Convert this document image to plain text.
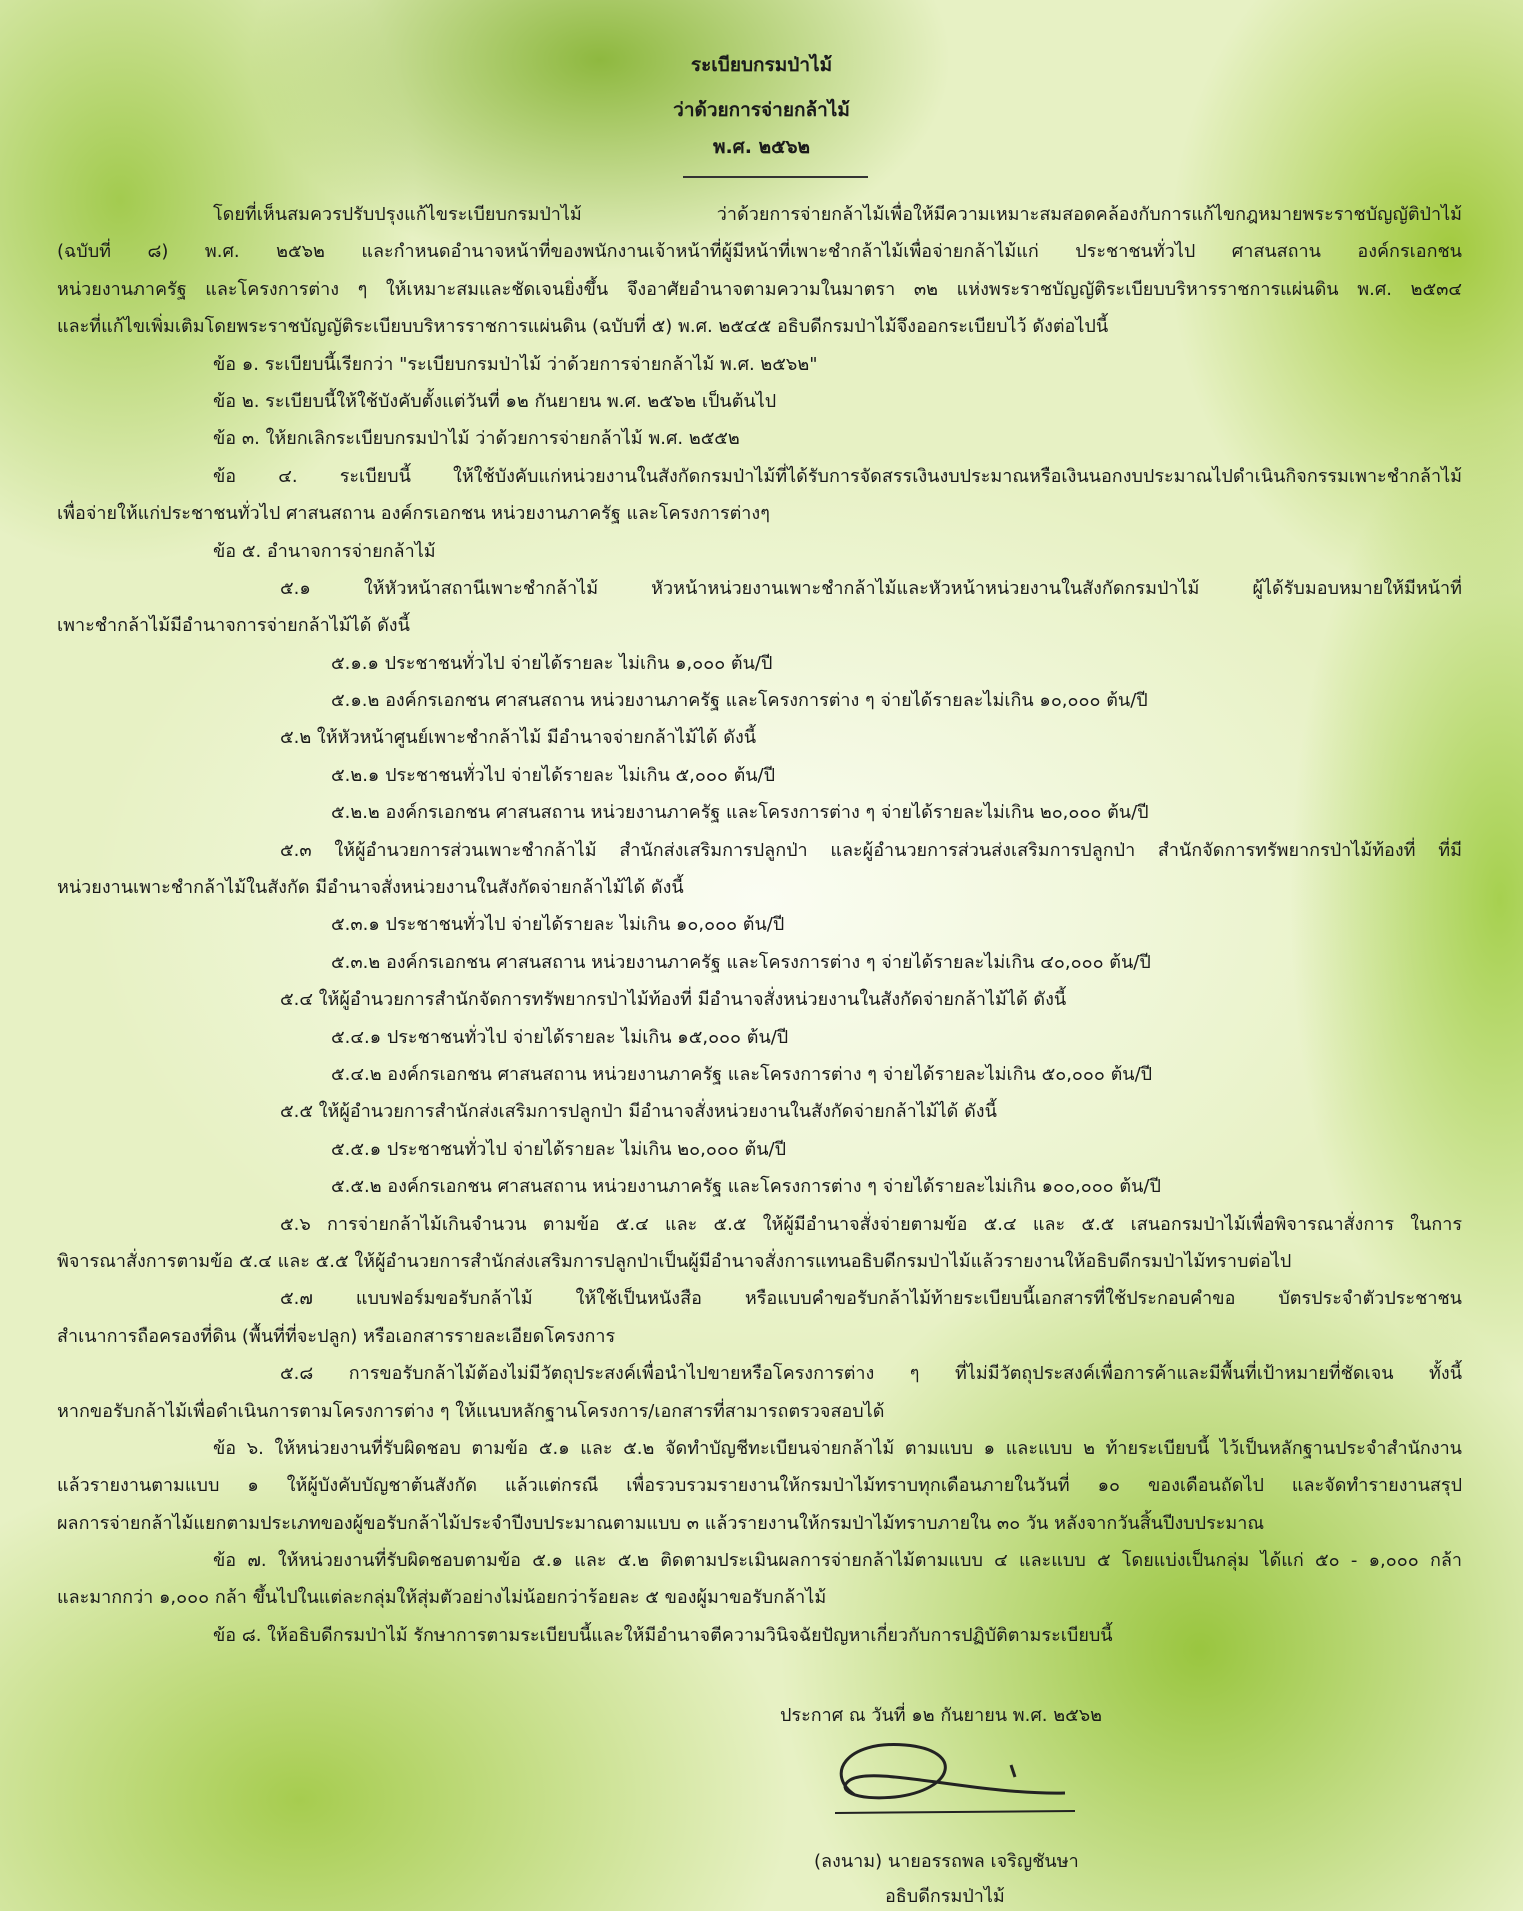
ระเบียบกรมป่าไม้
ว่าด้วยการจ่ายกล้าไม้
พ.ศ. ๒๕๖๒
โดยที่เห็นสมควรปรับปรุงแก้ไขระเบียบกรมป่าไม้ ว่าด้วยการจ่ายกล้าไม้เพื่อให้มีความเหมาะสมสอดคล้องกับการแก้ไขกฎหมายพระราชบัญญัติป่าไม้
(ฉบับที่ ๘) พ.ศ. ๒๕๖๒ และกำหนดอำนาจหน้าที่ของพนักงานเจ้าหน้าที่ผู้มีหน้าที่เพาะชำกล้าไม้เพื่อจ่ายกล้าไม้แก่ ประชาชนทั่วไป ศาสนสถาน องค์กรเอกชน
หน่วยงานภาครัฐ และโครงการต่าง ๆ ให้เหมาะสมและชัดเจนยิ่งขึ้น จึงอาศัยอำนาจตามความในมาตรา ๓๒ แห่งพระราชบัญญัติระเบียบบริหารราชการแผ่นดิน พ.ศ. ๒๕๓๔
และที่แก้ไขเพิ่มเติมโดยพระราชบัญญัติระเบียบบริหารราชการแผ่นดิน (ฉบับที่ ๕) พ.ศ. ๒๕๔๕ อธิบดีกรมป่าไม้จึงออกระเบียบไว้ ดังต่อไปนี้
ข้อ ๑. ระเบียบนี้เรียกว่า "ระเบียบกรมป่าไม้ ว่าด้วยการจ่ายกล้าไม้ พ.ศ. ๒๕๖๒"
ข้อ ๒. ระเบียบนี้ให้ใช้บังคับตั้งแต่วันที่ ๑๒ กันยายน พ.ศ. ๒๕๖๒ เป็นต้นไป
ข้อ ๓. ให้ยกเลิกระเบียบกรมป่าไม้ ว่าด้วยการจ่ายกล้าไม้ พ.ศ. ๒๕๕๒
ข้อ ๔. ระเบียบนี้ ให้ใช้บังคับแก่หน่วยงานในสังกัดกรมป่าไม้ที่ได้รับการจัดสรรเงินงบประมาณหรือเงินนอกงบประมาณไปดำเนินกิจกรรมเพาะชำกล้าไม้
เพื่อจ่ายให้แก่ประชาชนทั่วไป ศาสนสถาน องค์กรเอกชน หน่วยงานภาครัฐ และโครงการต่างๆ
ข้อ ๕. อำนาจการจ่ายกล้าไม้
๕.๑ ให้หัวหน้าสถานีเพาะชำกล้าไม้ หัวหน้าหน่วยงานเพาะชำกล้าไม้และหัวหน้าหน่วยงานในสังกัดกรมป่าไม้ ผู้ได้รับมอบหมายให้มีหน้าที่
เพาะชำกล้าไม้มีอำนาจการจ่ายกล้าไม้ได้ ดังนี้
๕.๑.๑ ประชาชนทั่วไป จ่ายได้รายละ ไม่เกิน ๑,๐๐๐ ต้น/ปี
๕.๑.๒ องค์กรเอกชน ศาสนสถาน หน่วยงานภาครัฐ และโครงการต่าง ๆ จ่ายได้รายละไม่เกิน ๑๐,๐๐๐ ต้น/ปี
๕.๒ ให้หัวหน้าศูนย์เพาะชำกล้าไม้ มีอำนาจจ่ายกล้าไม้ได้ ดังนี้
๕.๒.๑ ประชาชนทั่วไป จ่ายได้รายละ ไม่เกิน ๕,๐๐๐ ต้น/ปี
๕.๒.๒ องค์กรเอกชน ศาสนสถาน หน่วยงานภาครัฐ และโครงการต่าง ๆ จ่ายได้รายละไม่เกิน ๒๐,๐๐๐ ต้น/ปี
๕.๓ ให้ผู้อำนวยการส่วนเพาะชำกล้าไม้ สำนักส่งเสริมการปลูกป่า และผู้อำนวยการส่วนส่งเสริมการปลูกป่า สำนักจัดการทรัพยากรป่าไม้ท้องที่ ที่มี
หน่วยงานเพาะชำกล้าไม้ในสังกัด มีอำนาจสั่งหน่วยงานในสังกัดจ่ายกล้าไม้ได้ ดังนี้
๕.๓.๑ ประชาชนทั่วไป จ่ายได้รายละ ไม่เกิน ๑๐,๐๐๐ ต้น/ปี
๕.๓.๒ องค์กรเอกชน ศาสนสถาน หน่วยงานภาครัฐ และโครงการต่าง ๆ จ่ายได้รายละไม่เกิน ๔๐,๐๐๐ ต้น/ปี
๕.๔ ให้ผู้อำนวยการสำนักจัดการทรัพยากรป่าไม้ท้องที่ มีอำนาจสั่งหน่วยงานในสังกัดจ่ายกล้าไม้ได้ ดังนี้
๕.๔.๑ ประชาชนทั่วไป จ่ายได้รายละ ไม่เกิน ๑๕,๐๐๐ ต้น/ปี
๕.๔.๒ องค์กรเอกชน ศาสนสถาน หน่วยงานภาครัฐ และโครงการต่าง ๆ จ่ายได้รายละไม่เกิน ๕๐,๐๐๐ ต้น/ปี
๕.๕ ให้ผู้อำนวยการสำนักส่งเสริมการปลูกป่า มีอำนาจสั่งหน่วยงานในสังกัดจ่ายกล้าไม้ได้ ดังนี้
๕.๕.๑ ประชาชนทั่วไป จ่ายได้รายละ ไม่เกิน ๒๐,๐๐๐ ต้น/ปี
๕.๕.๒ องค์กรเอกชน ศาสนสถาน หน่วยงานภาครัฐ และโครงการต่าง ๆ จ่ายได้รายละไม่เกิน ๑๐๐,๐๐๐ ต้น/ปี
๕.๖ การจ่ายกล้าไม้เกินจำนวน ตามข้อ ๕.๔ และ ๕.๕ ให้ผู้มีอำนาจสั่งจ่ายตามข้อ ๕.๔ และ ๕.๕ เสนอกรมป่าไม้เพื่อพิจารณาสั่งการ ในการ
พิจารณาสั่งการตามข้อ ๕.๔ และ ๕.๕ ให้ผู้อำนวยการสำนักส่งเสริมการปลูกป่าเป็นผู้มีอำนาจสั่งการแทนอธิบดีกรมป่าไม้แล้วรายงานให้อธิบดีกรมป่าไม้ทราบต่อไป
๕.๗ แบบฟอร์มขอรับกล้าไม้ ให้ใช้เป็นหนังสือ หรือแบบคำขอรับกล้าไม้ท้ายระเบียบนี้เอกสารที่ใช้ประกอบคำขอ บัตรประจำตัวประชาชน
สำเนาการถือครองที่ดิน (พื้นที่ที่จะปลูก) หรือเอกสารรายละเอียดโครงการ
๕.๘ การขอรับกล้าไม้ต้องไม่มีวัตถุประสงค์เพื่อนำไปขายหรือโครงการต่าง ๆ ที่ไม่มีวัตถุประสงค์เพื่อการค้าและมีพื้นที่เป้าหมายที่ชัดเจน ทั้งนี้
หากขอรับกล้าไม้เพื่อดำเนินการตามโครงการต่าง ๆ ให้แนบหลักฐานโครงการ/เอกสารที่สามารถตรวจสอบได้
ข้อ ๖. ให้หน่วยงานที่รับผิดชอบ ตามข้อ ๕.๑ และ ๕.๒ จัดทำบัญชีทะเบียนจ่ายกล้าไม้ ตามแบบ ๑ และแบบ ๒ ท้ายระเบียบนี้ ไว้เป็นหลักฐานประจำสำนักงาน
แล้วรายงานตามแบบ ๑ ให้ผู้บังคับบัญชาต้นสังกัด แล้วแต่กรณี เพื่อรวบรวมรายงานให้กรมป่าไม้ทราบทุกเดือนภายในวันที่ ๑๐ ของเดือนถัดไป และจัดทำรายงานสรุป
ผลการจ่ายกล้าไม้แยกตามประเภทของผู้ขอรับกล้าไม้ประจำปีงบประมาณตามแบบ ๓ แล้วรายงานให้กรมป่าไม้ทราบภายใน ๓๐ วัน หลังจากวันสิ้นปีงบประมาณ
ข้อ ๗. ให้หน่วยงานที่รับผิดชอบตามข้อ ๕.๑ และ ๕.๒ ติดตามประเมินผลการจ่ายกล้าไม้ตามแบบ ๔ และแบบ ๕ โดยแบ่งเป็นกลุ่ม ได้แก่ ๕๐ - ๑,๐๐๐ กล้า
และมากกว่า ๑,๐๐๐ กล้า ขึ้นไปในแต่ละกลุ่มให้สุ่มตัวอย่างไม่น้อยกว่าร้อยละ ๕ ของผู้มาขอรับกล้าไม้
ข้อ ๘. ให้อธิบดีกรมป่าไม้ รักษาการตามระเบียบนี้และให้มีอำนาจตีความวินิจฉัยปัญหาเกี่ยวกับการปฏิบัติตามระเบียบนี้
ประกาศ ณ วันที่ ๑๒ กันยายน พ.ศ. ๒๕๖๒
(ลงนาม) นายอรรถพล เจริญชันษา
อธิบดีกรมป่าไม้
